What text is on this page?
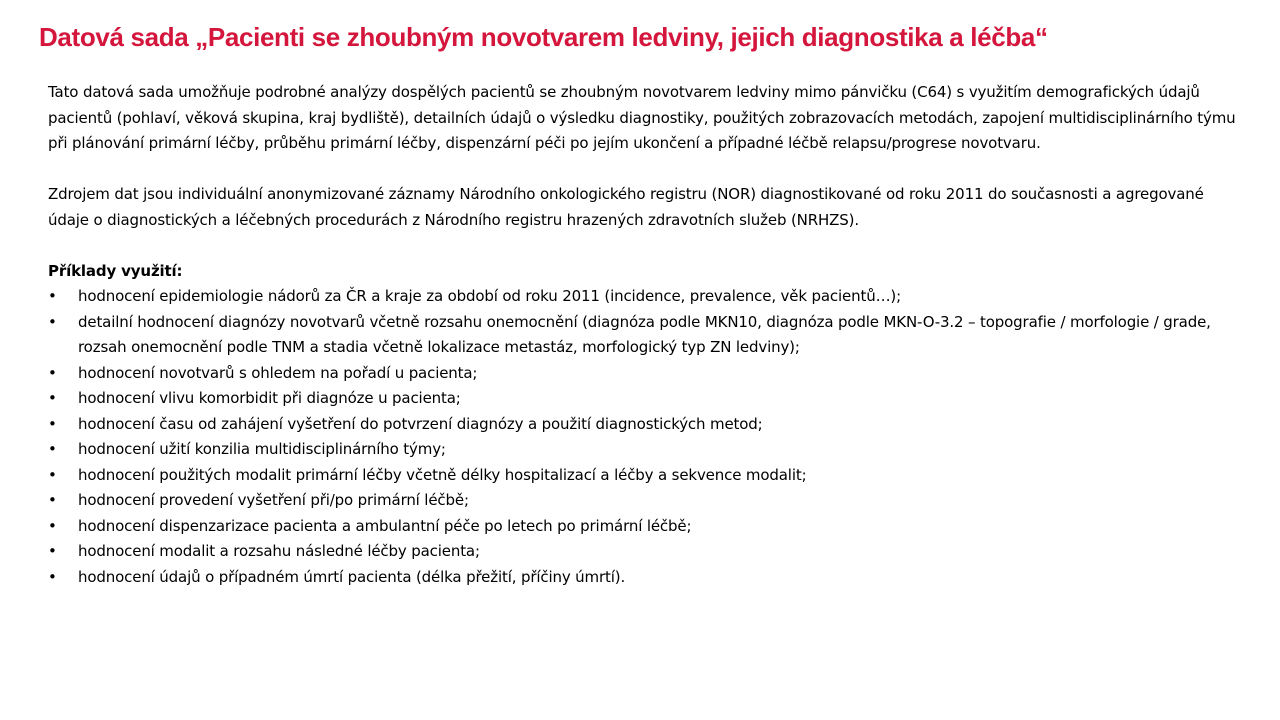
Datová sada „Pacienti se zhoubným novotvarem ledviny, jejich diagnostika a léčba“

Tato datová sada umožňuje podrobné analýzy dospělých pacientů se zhoubným novotvarem ledviny mimo pánvičku (C64) s využitím demografických údajů pacientů (pohlaví, věková skupina, kraj bydliště), detailních údajů o výsledku diagnostiky, použitých zobrazovacích metodách, zapojení multidisciplinárního týmu při plánování primární léčby, průběhu primární léčby, dispenzární péči po jejím ukončení a případné léčbě relapsu/progrese novotvaru.

Zdrojem dat jsou individuální anonymizované záznamy Národního onkologického registru (NOR) diagnostikované od roku 2011 do současnosti a agregované údaje o diagnostických a léčebných procedurách z Národního registru hrazených zdravotních služeb (NRHZS).

Příklady využití:

• hodnocení epidemiologie nádorů za ČR a kraje za období od roku 2011 (incidence, prevalence, věk pacientů…);
• detailní hodnocení diagnózy novotvarů včetně rozsahu onemocnění (diagnóza podle MKN10, diagnóza podle MKN-O-3.2 – topografie / morfologie / grade, rozsah onemocnění podle TNM a stadia včetně lokalizace metastáz, morfologický typ ZN ledviny);
• hodnocení novotvarů s ohledem na pořadí u pacienta;
• hodnocení vlivu komorbidit při diagnóze u pacienta;
• hodnocení času od zahájení vyšetření do potvrzení diagnózy a použití diagnostických metod;
• hodnocení užití konzilia multidisciplinárního týmy;
• hodnocení použitých modalit primární léčby včetně délky hospitalizací a léčby a sekvence modalit;
• hodnocení provedení vyšetření při/po primární léčbě;
• hodnocení dispenzarizace pacienta a ambulantní péče po letech po primární léčbě;
• hodnocení modalit a rozsahu následné léčby pacienta;
• hodnocení údajů o případném úmrtí pacienta (délka přežití, příčiny úmrtí).
